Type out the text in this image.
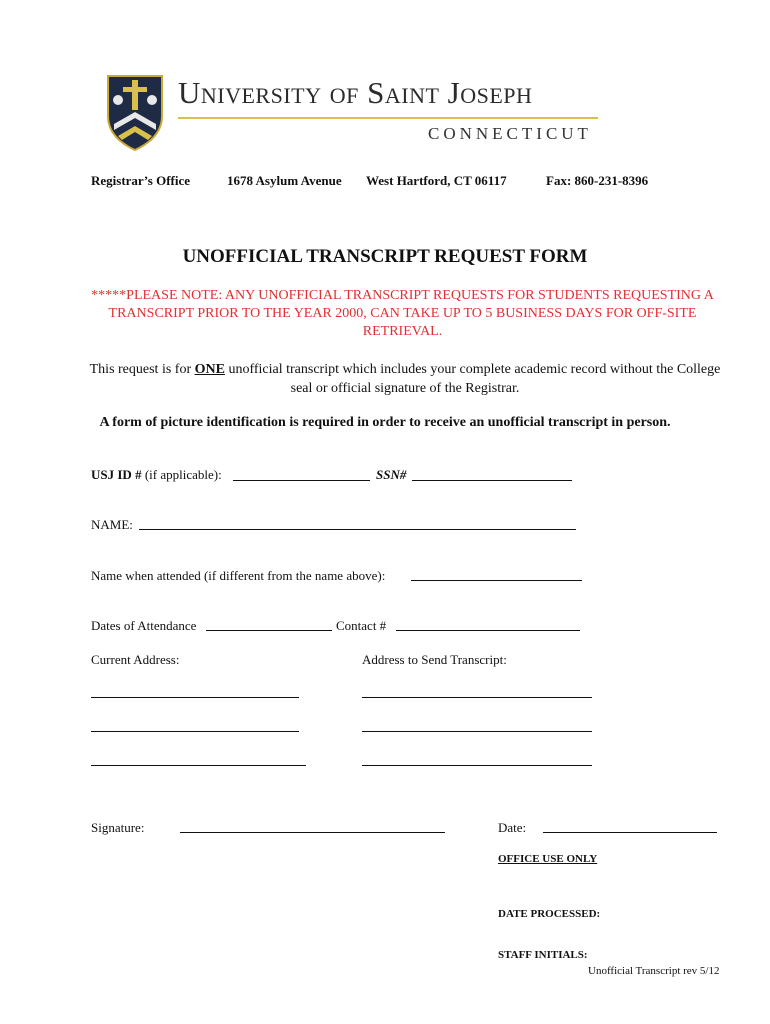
University of Saint Joseph
CONNECTICUT
Registrar’s Office	1678 Asylum Avenue West Hartford, CT 06117	Fax: 860-231-8396
UNOFFICIAL TRANSCRIPT REQUEST FORM
*****PLEASE NOTE: ANY UNOFFICIAL TRANSCRIPT REQUESTS FOR STUDENTS REQUESTING A TRANSCRIPT PRIOR TO THE YEAR 2000, CAN TAKE UP TO 5 BUSINESS DAYS FOR OFF-SITE RETRIEVAL.
This request is for ONE unofficial transcript which includes your complete academic record without the College seal or official signature of the Registrar.
A form of picture identification is required in order to receive an unofficial transcript in person.
USJ ID # (if applicable):	SSN#
NAME:
Name when attended (if different from the name above):
Dates of Attendance	Contact #
Current Address:	Address to Send Transcript:
Signature:	Date:
OFFICE USE ONLY
DATE PROCESSED:
STAFF INITIALS:
Unofficial Transcript rev 5/12
